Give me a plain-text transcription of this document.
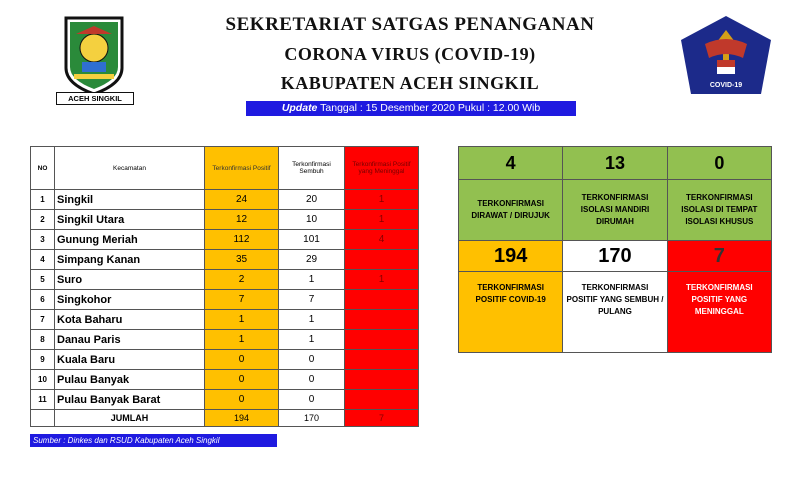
ACEH SINGKIL
SEKRETARIAT SATGAS PENANGANAN
CORONA VIRUS (COVID-19)
KABUPATEN ACEH SINGKIL
Update Tanggal : 15 Desember 2020 Pukul : 12.00 Wib
COVID-19
NO	Kecamatan	Terkonfirmasi Positif	Terkonfirmasi Sembuh	Terkonfirmasi Positif yang Meninggal
1	Singkil	24	20	1
2	Singkil Utara	12	10	1
3	Gunung Meriah	112	101	4
4	Simpang Kanan	35	29	
5	Suro	2	1	1
6	Singkohor	7	7	
7	Kota Baharu	1	1	
8	Danau Paris	1	1	
9	Kuala Baru	0	0	
10	Pulau Banyak	0	0	
11	Pulau Banyak Barat	0	0	
	JUMLAH	194	170	7
Sumber : Dinkes dan RSUD Kabupaten Aceh Singkil
4	13	0
TERKONFIRMASI DIRAWAT / DIRUJUK	TERKONFIRMASI ISOLASI MANDIRI DIRUMAH	TERKONFIRMASI ISOLASI DI TEMPAT ISOLASI KHUSUS
194	170	7
TERKONFIRMASI POSITIF COVID-19	TERKONFIRMASI POSITIF YANG SEMBUH / PULANG	TERKONFIRMASI POSITIF YANG MENINGGAL
